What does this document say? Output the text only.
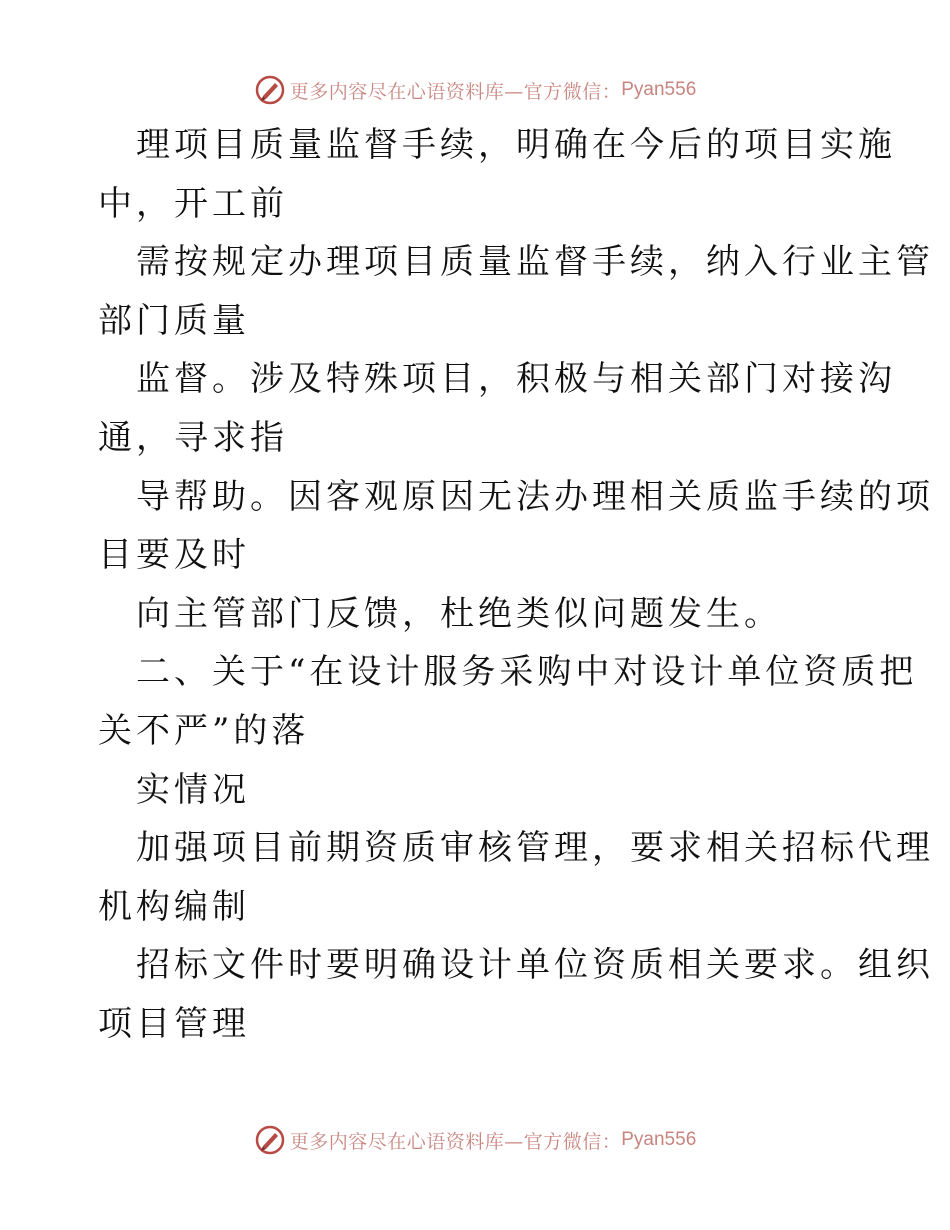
更多内容尽在心语资料库—官方微信： Pyan556
理项目质量监督手续，明确在今后的项目实施
中，开工前
需按规定办理项目质量监督手续，纳入行业主管
部门质量
监督。涉及特殊项目，积极与相关部门对接沟
通，寻求指
导帮助。因客观原因无法办理相关质监手续的项
目要及时
向主管部门反馈，杜绝类似问题发生。
二、关于“在设计服务采购中对设计单位资质把
关不严”的落
实情况
加强项目前期资质审核管理，要求相关招标代理
机构编制
招标文件时要明确设计单位资质相关要求。组织
项目管理
更多内容尽在心语资料库—官方微信： Pyan556
